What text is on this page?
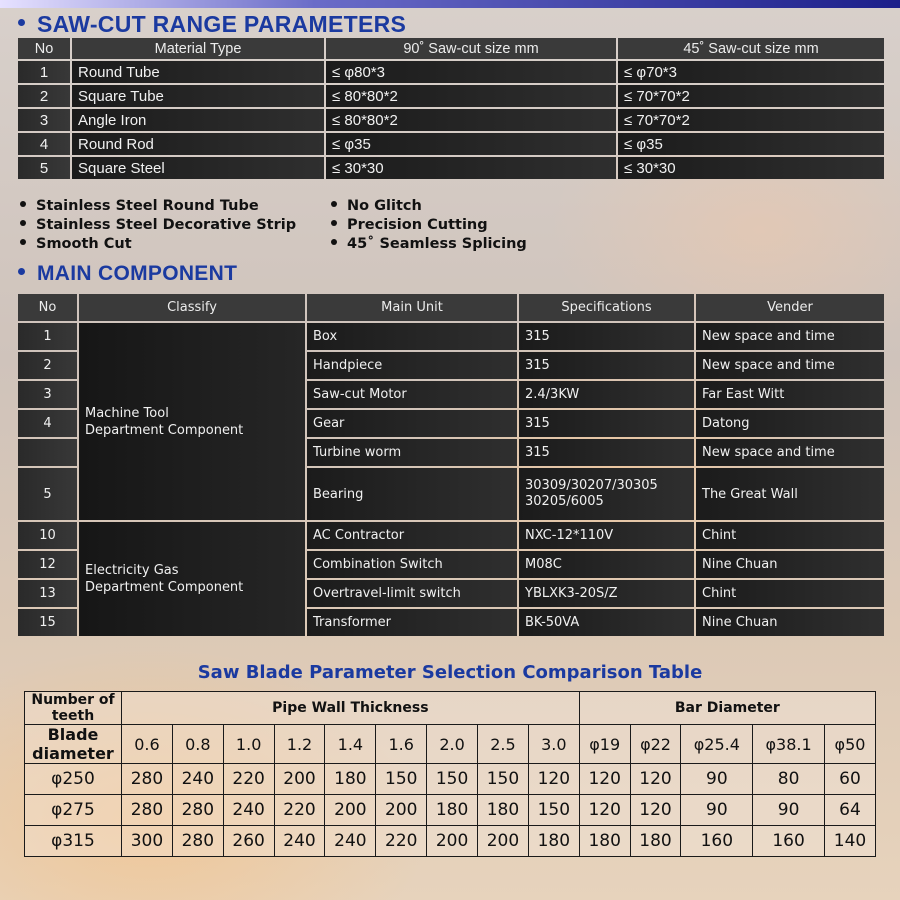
SAW-CUT RANGE PARAMETERS
No	Material Type	90˚ Saw-cut size mm	45˚ Saw-cut size mm
1	Round Tube	≤ φ80*3	≤ φ70*3
2	Square Tube	≤ 80*80*2	≤ 70*70*2
3	Angle Iron	≤ 80*80*2	≤ 70*70*2
4	Round Rod	≤ φ35	≤ φ35
5	Square Steel	≤ 30*30	≤ 30*30
Stainless Steel Round Tube
Stainless Steel Decorative Strip
Smooth Cut
No Glitch
Precision Cutting
45˚ Seamless Splicing
MAIN COMPONENT
No	Classify	Main Unit	Specifications	Vender
1	Machine Tool Department Component	Box	315	New space and time
2		Handpiece	315	New space and time
3		Saw-cut Motor	2.4/3KW	Far East Witt
4		Gear	315	Datong
		Turbine worm	315	New space and time
5		Bearing	30309/30207/30305 30205/6005	The Great Wall
10	Electricity Gas Department Component	AC Contractor	NXC-12*110V	Chint
12		Combination Switch	M08C	Nine Chuan
13		Overtravel-limit switch	YBLXK3-20S/Z	Chint
15		Transformer	BK-50VA	Nine Chuan
Saw Blade Parameter Selection Comparison Table
Number of teeth	Pipe Wall Thickness									Bar Diameter				
Blade diameter	0.6	0.8	1.0	1.2	1.4	1.6	2.0	2.5	3.0	φ19	φ22	φ25.4	φ38.1	φ50
φ250	280	240	220	200	180	150	150	150	120	120	120	90	80	60
φ275	280	280	240	220	200	200	180	180	150	120	120	90	90	64
φ315	300	280	260	240	240	220	200	200	180	180	180	160	160	140
